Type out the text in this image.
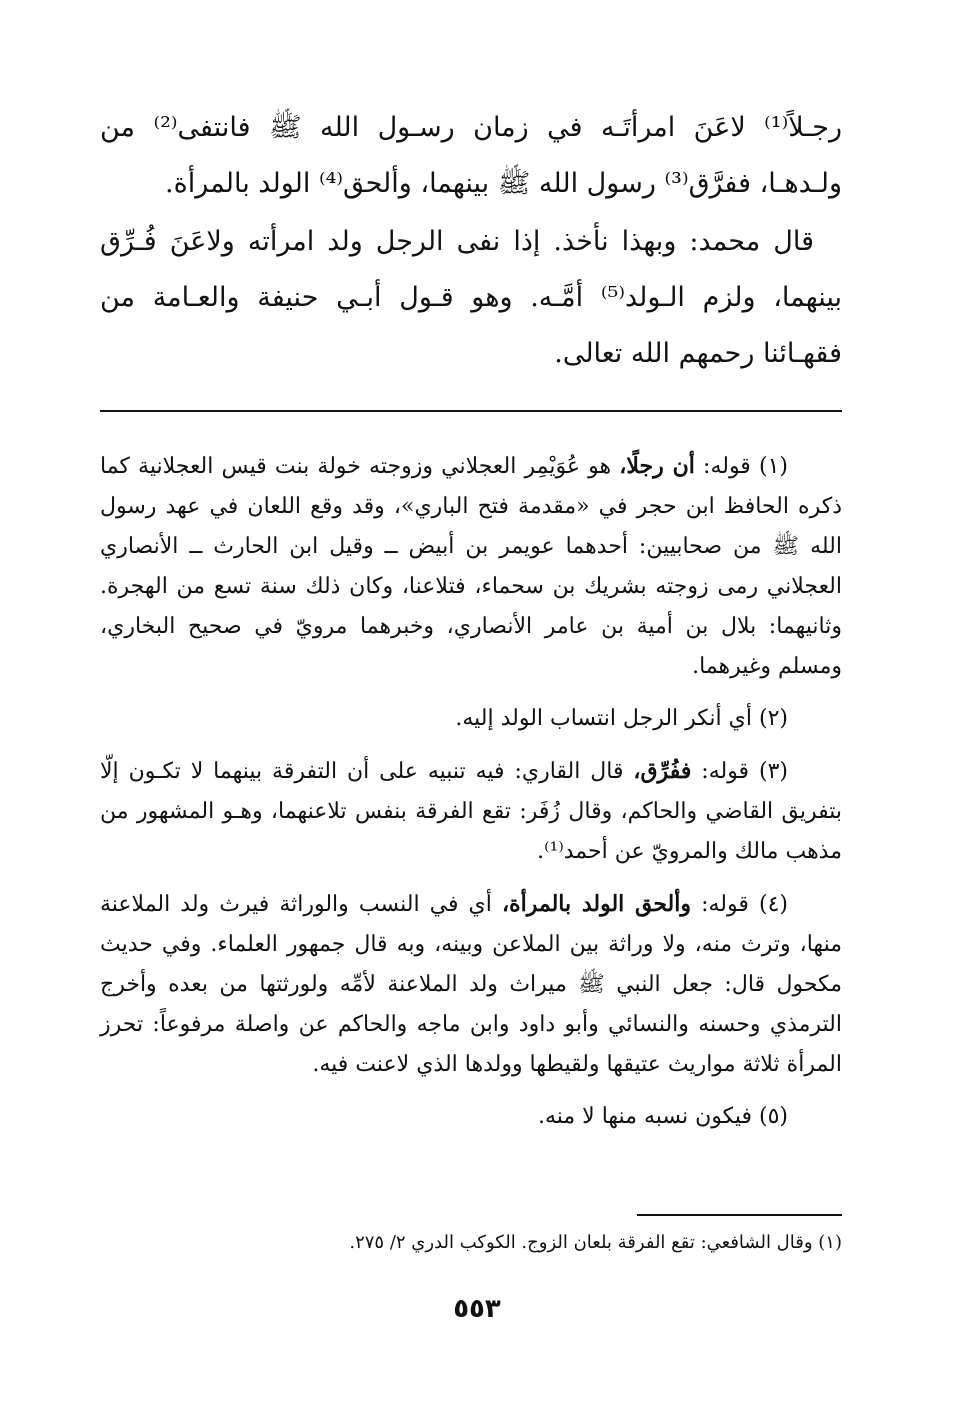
رجـلاً⁽¹⁾ لاعَنَ امرأتَـه في زمان رسـول الله ﷺ فانتفى⁽²⁾ من ولـدهـا، ففرَّق⁽³⁾ رسول الله ﷺ بينهما، وألحق⁽⁴⁾ الولد بالمرأة.

قال محمد: وبهذا نأخذ. إذا نفى الرجل ولد امرأته ولاعَنَ فُـرِّق بينهما، ولزم الـولد⁽⁵⁾ أمَّـه. وهو قـول أبـي حنيفة والعـامة من فقهـائنا رحمهم الله تعالى.

(١) قوله: أن رجلًا، هو عُوَيْمِر العجلاني وزوجته خولة بنت قيس العجلانية كما ذكره الحافظ ابن حجر في «مقدمة فتح الباري»، وقد وقع اللعان في عهد رسول الله ﷺ من صحابيين: أحدهما عويمر بن أبيض ــ وقيل ابن الحارث ــ الأنصاري العجلاني رمى زوجته بشريك بن سحماء، فتلاعنا، وكان ذلك سنة تسع من الهجرة. وثانيهما: بلال بن أمية بن عامر الأنصاري، وخبرهما مرويّ في صحيح البخاري، ومسلم وغيرهما.

(٢) أي أنكر الرجل انتساب الولد إليه.

(٣) قوله: ففُرِّق، قال القاري: فيه تنبيه على أن التفرقة بينهما لا تكـون إلّا بتفريق القاضي والحاكم، وقال زُفَر: تقع الفرقة بنفس تلاعنهما، وهـو المشهور من مذهب مالك والمرويّ عن أحمد⁽¹⁾.

(٤) قوله: وألحق الولد بالمرأة، أي في النسب والوراثة فيرث ولد الملاعنة منها، وترث منه، ولا وراثة بين الملاعن وبينه، وبه قال جمهور العلماء. وفي حديث مكحول قال: جعل النبي ﷺ ميراث ولد الملاعنة لأمِّه ولورثتها من بعده وأخرج الترمذي وحسنه والنسائي وأبو داود وابن ماجه والحاكم عن واصلة مرفوعاً: تحرز المرأة ثلاثة مواريث عتيقها ولقيطها وولدها الذي لاعنت فيه.

(٥) فيكون نسبه منها لا منه.

(١) وقال الشافعي: تقع الفرقة بلعان الزوج. الكوكب الدري ٢/ ٢٧٥.
٥٥٣
